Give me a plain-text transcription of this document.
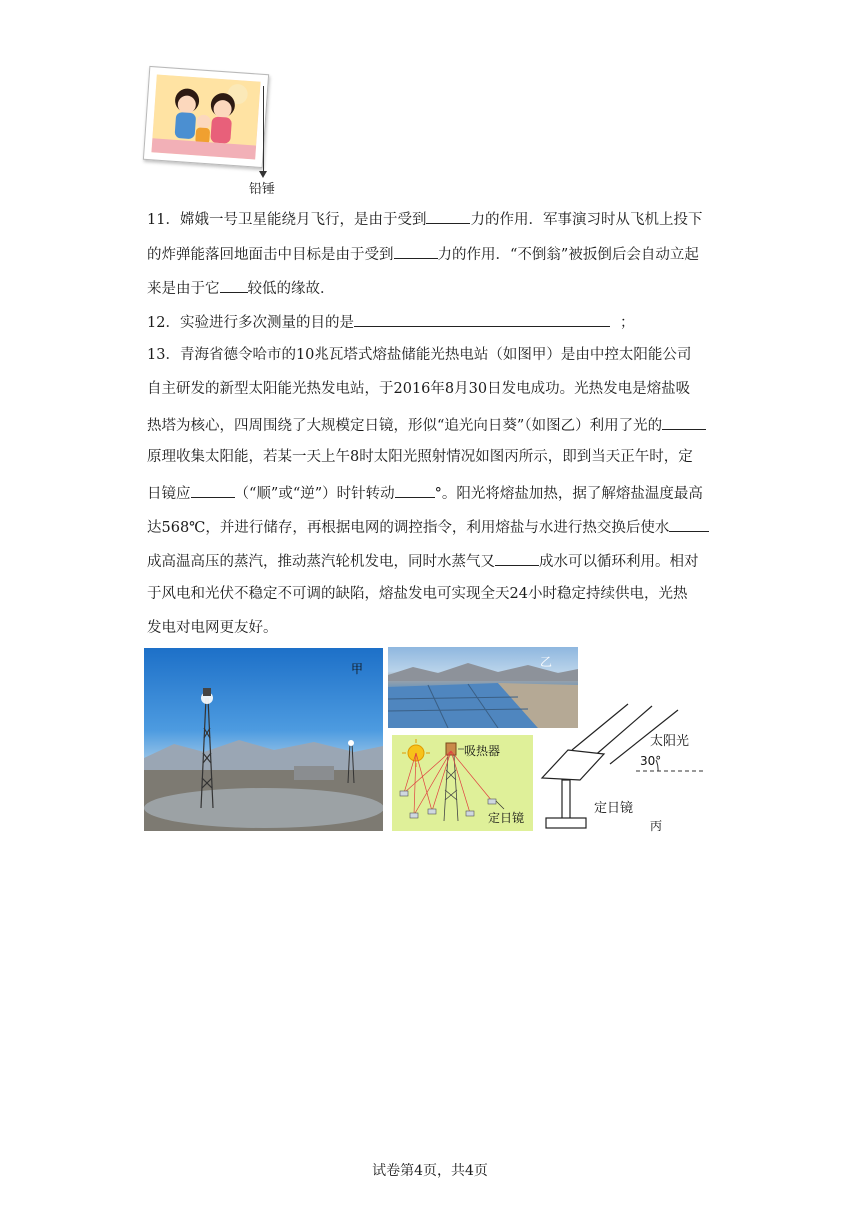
铅锤
11．嫦娥一号卫星能绕月飞行，是由于受到	力的作用．军事演习时从飞机上投下
的炸弹能落回地面击中目标是由于受到	力的作用．“不倒翁”被扳倒后会自动立起
来是由于它 较低的缘故．
12．实验进行多次测量的目的是	；
13．青海省德令哈市的10兆瓦塔式熔盐储能光热电站（如图甲）是由中控太阳能公司
自主研发的新型太阳能光热发电站，于2016年8月30日发电成功。光热发电是熔盐吸
热塔为核心，四周围绕了大规模定日镜，形似“追光向日葵”（如图乙）利用了光的
原理收集太阳能，若某一天上午8时太阳光照射情况如图丙所示，即到当天正午时，定
日镜应	（“顺”或“逆”）时针转动	°。阳光将熔盐加热，据了解熔盐温度最高
达568℃，并进行储存，再根据电网的调控指令，利用熔盐与水进行热交换后使水
成高温高压的蒸汽，推动蒸汽轮机发电，同时水蒸气又	成水可以循环利用。相对
于风电和光伏不稳定不可调的缺陷，熔盐发电可实现全天24小时稳定持续供电，光热
发电对电网更友好。
甲	乙
吸热器
定日镜
太阳光
30°
定日镜
丙
试卷第4页，共4页
